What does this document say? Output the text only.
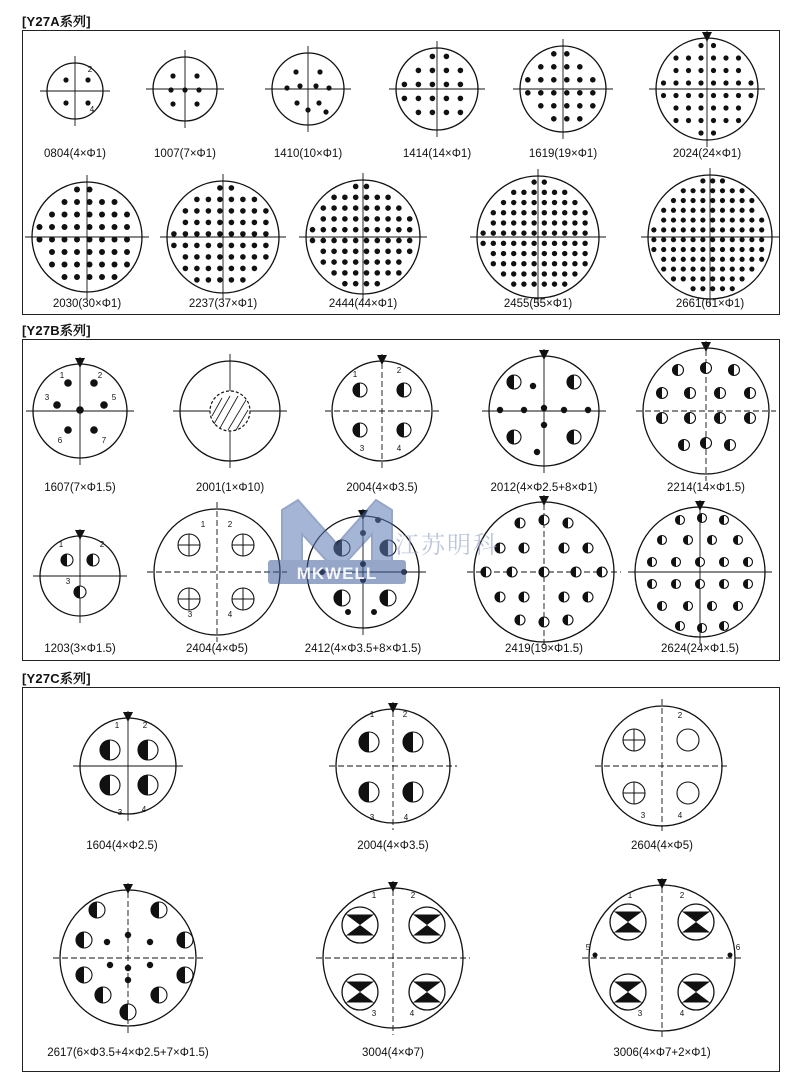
[Y27A系列]
[Y27B系列]
[Y27C系列]
2
4
1	2
3	5
6	7
1	2
3	4
1	2
3
1	2
3	4
1	2
3 4
1	2
3	4
2
3	4
1	2
3	4
1	2
3	4
5	6
0804(4×Φ1)	1007(7×Φ1)	1410(10×Φ1)	1414(14×Φ1)	1619(19×Φ1)	2024(24×Φ1)
2030(30×Φ1)	2237(37×Φ1)	2444(44×Φ1)	2455(55×Φ1)	2661(61×Φ1)
1607(7×Φ1.5)	2001(1×Φ10)	2004(4×Φ3.5)	2012(4×Φ2.5+8×Φ1)	2214(14×Φ1.5)
1203(3×Φ1.5)	2404(4×Φ5)	2412(4×Φ3.5+8×Φ1.5)	2419(19×Φ1.5)	2624(24×Φ1.5)
1604(4×Φ2.5)	2004(4×Φ3.5)	2604(4×Φ5)
2617(6×Φ3.5+4×Φ2.5+7×Φ1.5)	3004(4×Φ7)	3006(4×Φ7+2×Φ1)
MKWELL
江苏明科
